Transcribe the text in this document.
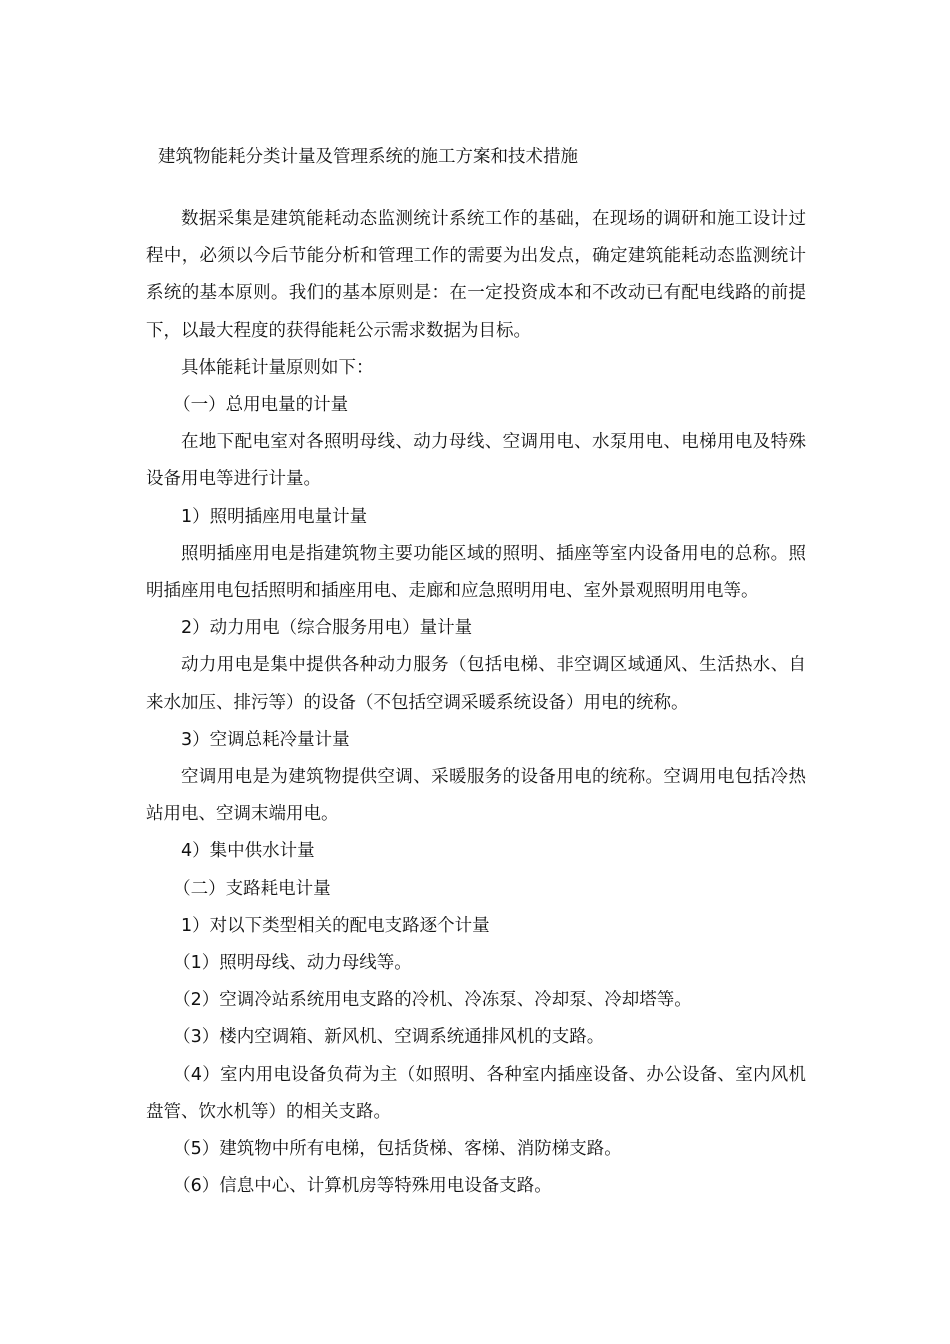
建筑物能耗分类计量及管理系统的施工方案和技术措施

数据采集是建筑能耗动态监测统计系统工作的基础，在现场的调研和施工设计过程中，必须以今后节能分析和管理工作的需要为出发点，确定建筑能耗动态监测统计系统的基本原则。我们的基本原则是：在一定投资成本和不改动已有配电线路的前提下，以最大程度的获得能耗公示需求数据为目标。

具体能耗计量原则如下：

（一）总用电量的计量

在地下配电室对各照明母线、动力母线、空调用电、水泵用电、电梯用电及特殊设备用电等进行计量。

1）照明插座用电量计量

照明插座用电是指建筑物主要功能区域的照明、插座等室内设备用电的总称。照明插座用电包括照明和插座用电、走廊和应急照明用电、室外景观照明用电等。

2）动力用电（综合服务用电）量计量

动力用电是集中提供各种动力服务（包括电梯、非空调区域通风、生活热水、自来水加压、排污等）的设备（不包括空调采暖系统设备）用电的统称。

3）空调总耗冷量计量

空调用电是为建筑物提供空调、采暖服务的设备用电的统称。空调用电包括冷热站用电、空调末端用电。

4）集中供水计量

（二）支路耗电计量

1）对以下类型相关的配电支路逐个计量

（1）照明母线、动力母线等。

（2）空调冷站系统用电支路的冷机、冷冻泵、冷却泵、冷却塔等。

（3）楼内空调箱、新风机、空调系统通排风机的支路。

（4）室内用电设备负荷为主（如照明、各种室内插座设备、办公设备、室内风机盘管、饮水机等）的相关支路。

（5）建筑物中所有电梯，包括货梯、客梯、消防梯支路。

（6）信息中心、计算机房等特殊用电设备支路。
